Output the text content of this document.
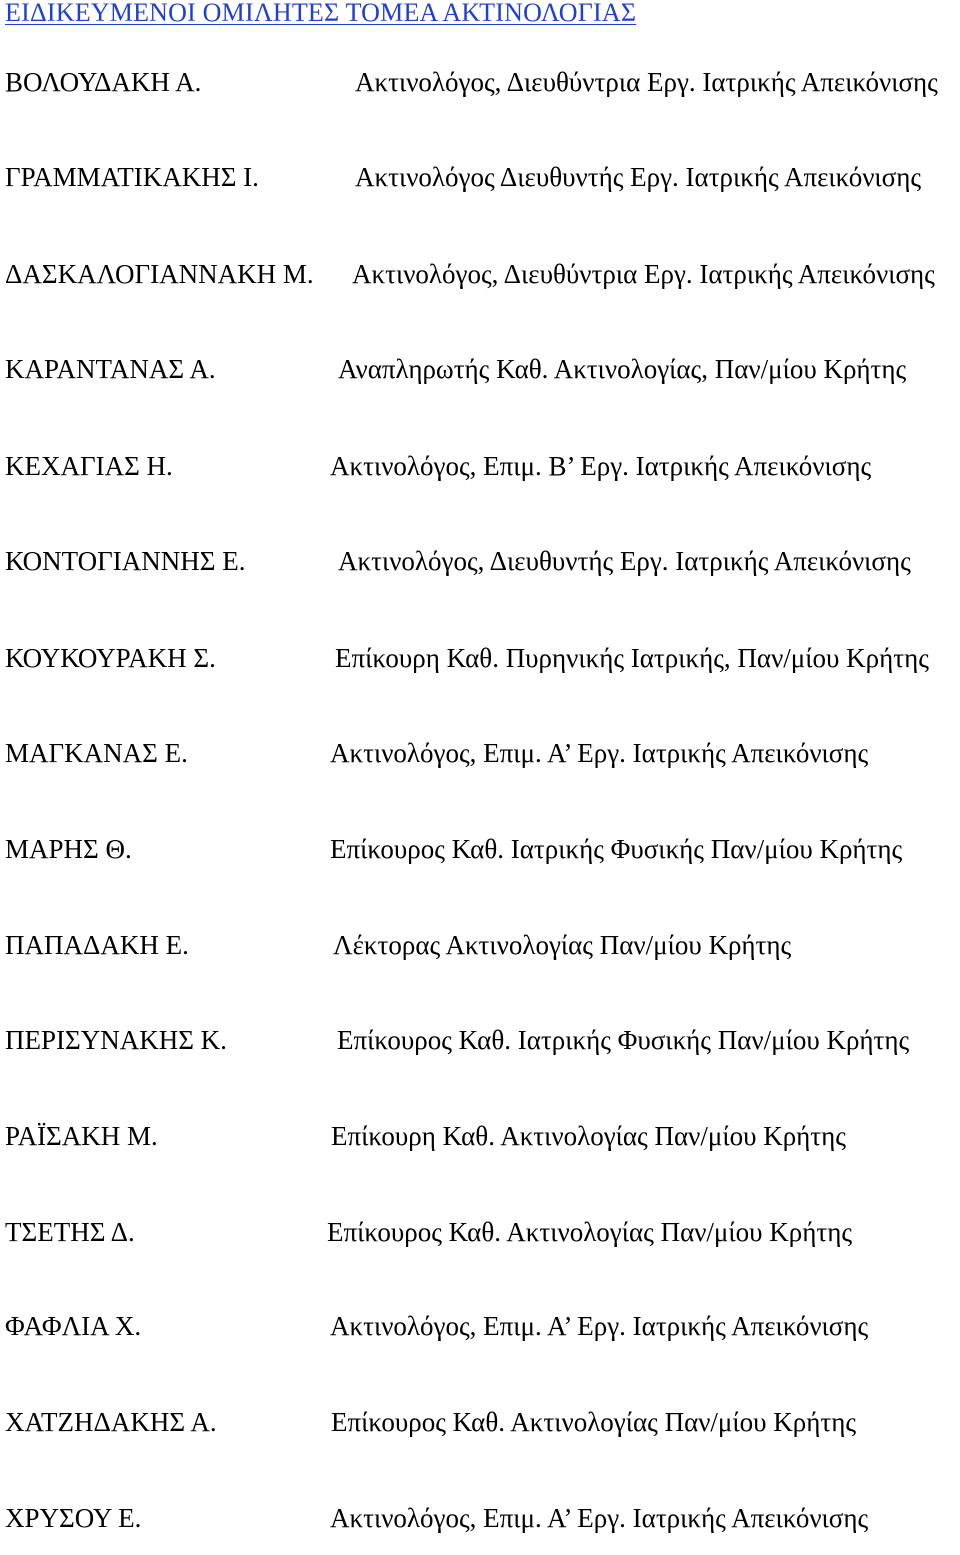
ΕΙΔΙΚΕΥΜΕΝΟΙ ΟΜΙΛΗΤΕΣ ΤΟΜΕΑ ΑΚΤΙΝΟΛΟΓΙΑΣ
ΒΟΛΟΥΔΑΚΗ Α.	Ακτινολόγος, Διευθύντρια Εργ. Ιατρικής Απεικόνισης
ΓΡΑΜΜΑΤΙΚΑΚΗΣ Ι.	Ακτινολόγος Διευθυντής Εργ. Ιατρικής Απεικόνισης
ΔΑΣΚΑΛΟΓΙΑΝΝΑΚΗ Μ. Ακτινολόγος, Διευθύντρια Εργ. Ιατρικής Απεικόνισης
ΚΑΡΑΝΤΑΝΑΣ Α.	Αναπληρωτής Καθ. Ακτινολογίας, Παν/μίου Κρήτης
ΚΕΧΑΓΙΑΣ Η.	Ακτινολόγος, Επιμ. Β’ Εργ. Ιατρικής Απεικόνισης
ΚΟΝΤΟΓΙΑΝΝΗΣ Ε.	Ακτινολόγος, Διευθυντής Εργ. Ιατρικής Απεικόνισης
ΚΟΥΚΟΥΡΑΚΗ Σ.	Επίκουρη Καθ. Πυρηνικής Ιατρικής, Παν/μίου Κρήτης
ΜΑΓΚΑΝΑΣ Ε.	Ακτινολόγος, Επιμ. Α’ Εργ. Ιατρικής Απεικόνισης
ΜΑΡΗΣ Θ.	Επίκουρος Καθ. Ιατρικής Φυσικής Παν/μίου Κρήτης
ΠΑΠΑΔΑΚΗ Ε.	Λέκτορας Ακτινολογίας Παν/μίου Κρήτης
ΠΕΡΙΣΥΝΑΚΗΣ Κ.	Επίκουρος Καθ. Ιατρικής Φυσικής Παν/μίου Κρήτης
ΡΑΪΣΑΚΗ Μ.	Επίκουρη Καθ. Ακτινολογίας Παν/μίου Κρήτης
ΤΣΕΤΗΣ Δ.	Επίκουρος Καθ. Ακτινολογίας Παν/μίου Κρήτης
ΦΑΦΛΙΑ Χ.	Ακτινολόγος, Επιμ. Α’ Εργ. Ιατρικής Απεικόνισης
ΧΑΤΖΗΔΑΚΗΣ Α.	Επίκουρος Καθ. Ακτινολογίας Παν/μίου Κρήτης
ΧΡΥΣΟΥ Ε.	Ακτινολόγος, Επιμ. Α’ Εργ. Ιατρικής Απεικόνισης
